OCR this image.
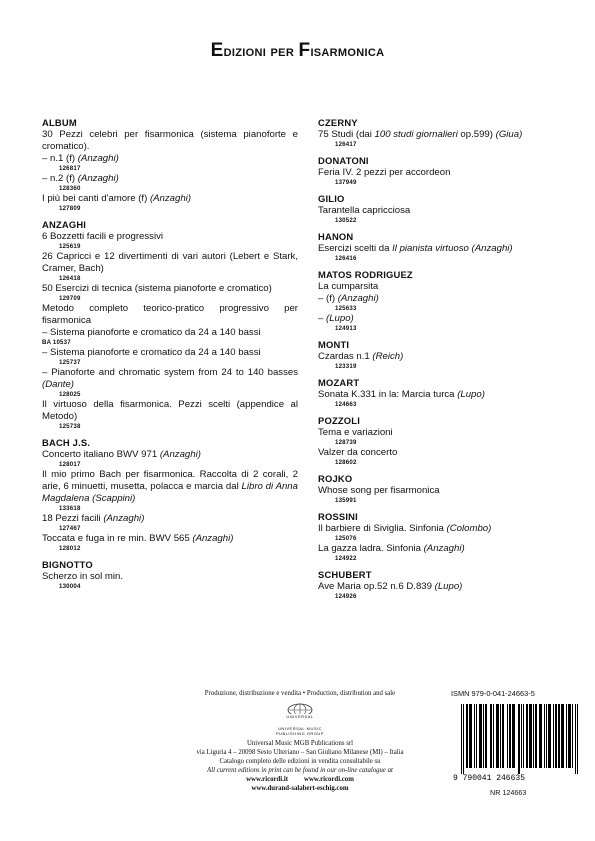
Edizioni per Fisarmonica
ALBUM
30 Pezzi celebri per fisarmonica (sistema pianoforte e cromatico).
– n.1 (f) (Anzaghi)
126817
– n.2 (f) (Anzaghi)
128360
I più bei canti d'amore (f) (Anzaghi)
127809
ANZAGHI
6 Bozzetti facili e progressivi
125619
26 Capricci e 12 divertimenti di vari autori (Lebert e Stark, Cramer, Bach)
126418
50 Esercizi di tecnica (sistema pianoforte e cromatico)
129709
Metodo completo teorico-pratico progressivo per fisarmonica
– Sistema pianoforte e cromatico da 24 a 140 bassi
BA 10537
– Sistema pianoforte e cromatico da 24 a 140 bassi
125737
– Pianoforte and chromatic system from 24 to 140 basses (Dante)
128025
Il virtuoso della fisarmonica. Pezzi scelti (appendice al Metodo)
125738
BACH J.S.
Concerto italiano BWV 971 (Anzaghi)
128017
Il mio primo Bach per fisarmonica. Raccolta di 2 corali, 2 arie, 6 minuetti, musetta, polacca e marcia dal Libro di Anna Magdalena (Scappini)
133618
18 Pezzi facili (Anzaghi)
127467
Toccata e fuga in re min. BWV 565 (Anzaghi)
128012
BIGNOTTO
Scherzo in sol min.
130004
CZERNY
75 Studi (dai 100 studi giornalieri op.599) (Giua)
126417
DONATONI
Feria IV. 2 pezzi per accordeon
137949
GILIO
Tarantella capricciosa
130522
HANON
Esercizi scelti da Il pianista virtuoso (Anzaghi)
126416
MATOS RODRIGUEZ
La cumparsita
– (f) (Anzaghi)
125633
– (Lupo)
124913
MONTI
Czardas n.1 (Reich)
123319
MOZART
Sonata K.331 in la: Marcia turca (Lupo)
124663
POZZOLI
Tema e variazioni
128739
Valzer da concerto
128602
ROJKO
Whose song per fisarmonica
135991
ROSSINI
Il barbiere di Siviglia. Sinfonia (Colombo)
125076
La gazza ladra. Sinfonia (Anzaghi)
124922
SCHUBERT
Ave Maria op.52 n.6 D.839 (Lupo)
124926
Produzione, distribuzione e vendita • Production, distribution and sale
UNIVERSAL
UNIVERSAL MUSIC
PUBLISHING GROUP
Universal Music MGB Publications srl
via Liguria 4 – 20098 Sesto Ulteriano – San Giuliano Milanese (MI) – Italia
Catalogo completo delle edizioni in vendita consultabile su
All current editions in print can be found in our on-line catalogue at
www.ricordi.it www.ricordi.com
www.durand-salabert-eschig.com
ISMN 979-0-041-24663-5
9 790041 246635
NR 124663
